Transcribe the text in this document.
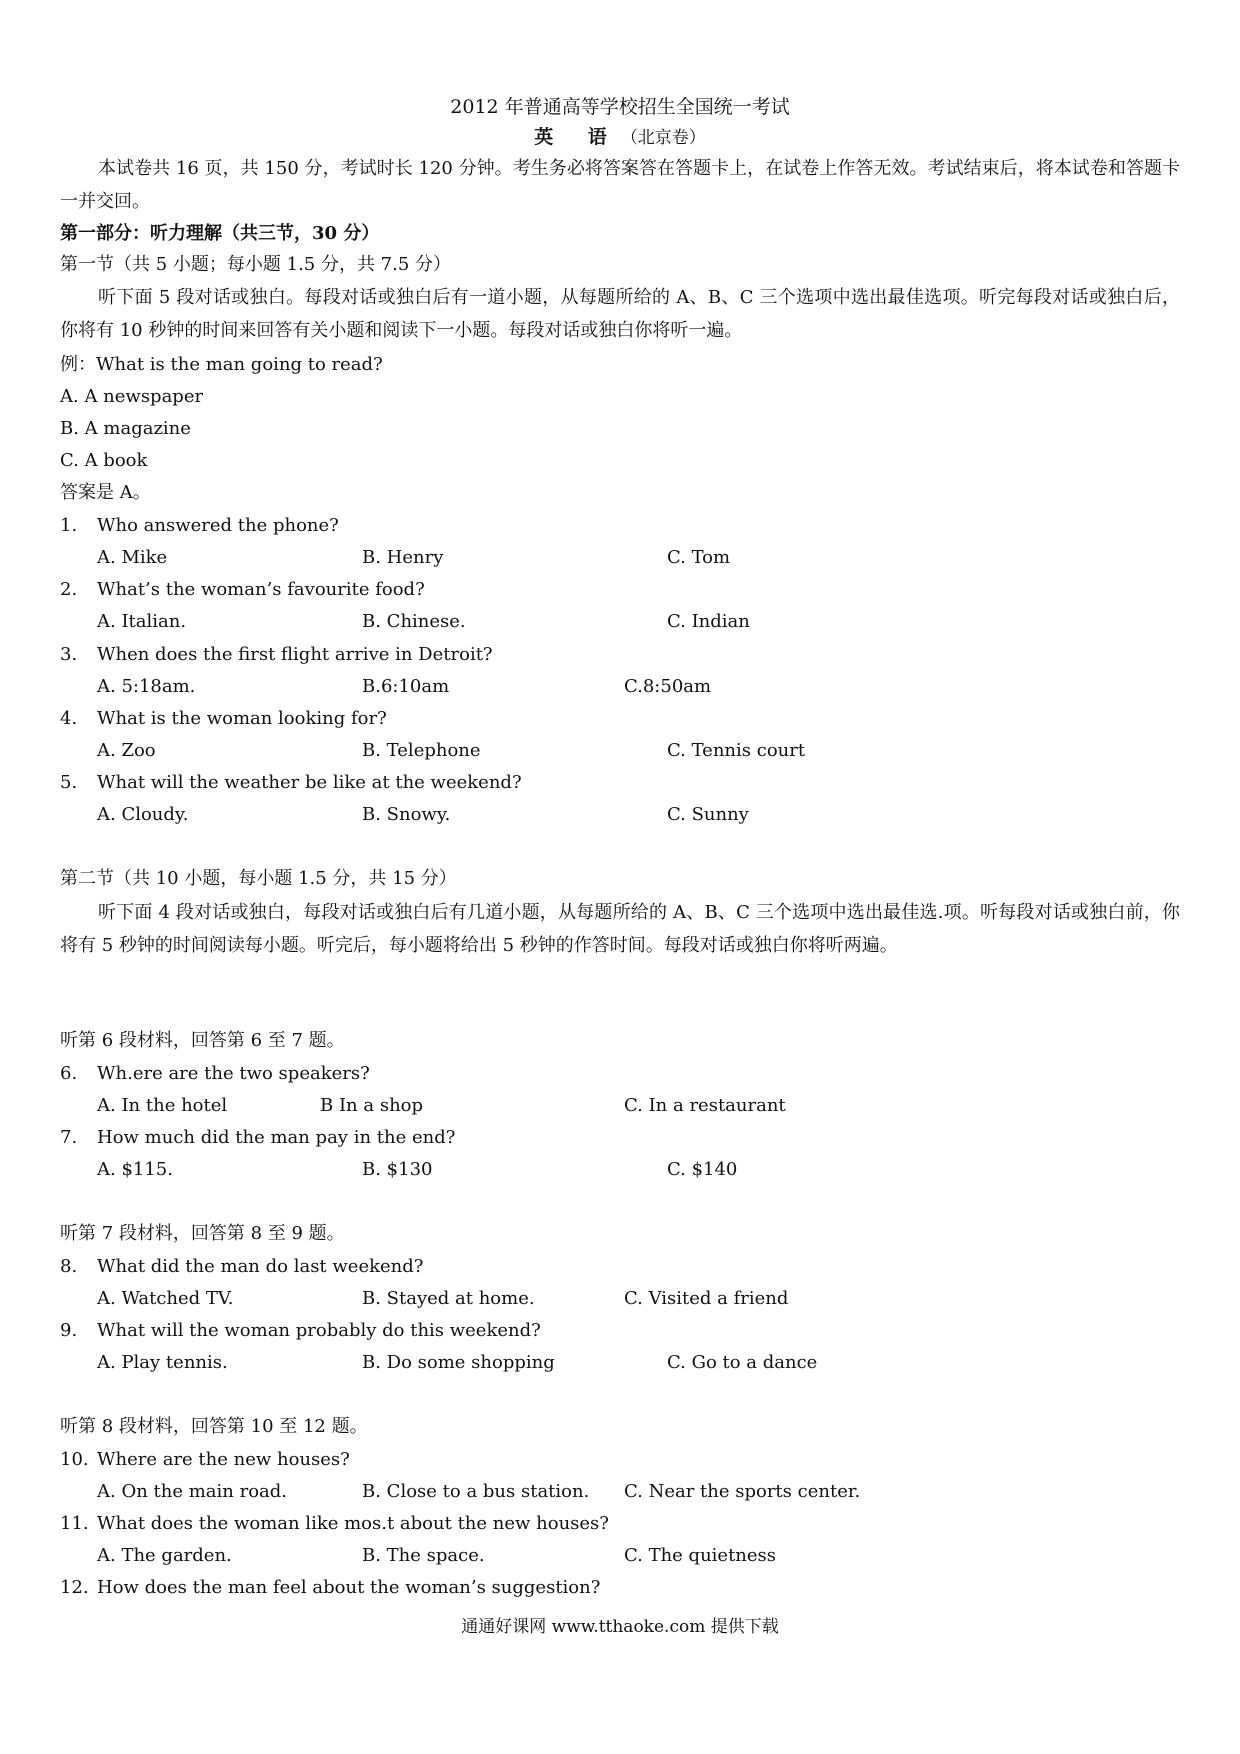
2012 年普通高等学校招生全国统一考试
英 语（北京卷）
本试卷共 16 页，共 150 分，考试时长 120 分钟。考生务必将答案答在答题卡上，在试卷上作答无效。考试结束后，将本试卷和答题卡一并交回。
第一部分：听力理解（共三节，30 分）
第一节（共 5 小题；每小题 1.5 分，共 7.5 分）
听下面 5 段对话或独白。每段对话或独白后有一道小题，从每题所给的 A、B、C 三个选项中选出最佳选项。听完每段对话或独白后，你将有 10 秒钟的时间来回答有关小题和阅读下一小题。每段对话或独白你将听一遍。
例：What is the man going to read?
A. A newspaper
B. A magazine
C. A book
答案是 A。
1. Who answered the phone?
A. Mike	B. Henry	C. Tom
2. What’s the woman’s favourite food?
A. Italian.	B. Chinese.	C. Indian
3. When does the first flight arrive in Detroit?
A. 5:18am.	B.6:10am	C.8:50am
4. What is the woman looking for?
A. Zoo	B. Telephone	C. Tennis court
5. What will the weather be like at the weekend?
A. Cloudy.	B. Snowy.	C. Sunny
第二节（共 10 小题，每小题 1.5 分，共 15 分）
听下面 4 段对话或独白，每段对话或独白后有几道小题，从每题所给的 A、B、C 三个选项中选出最佳选.项。听每段对话或独白前，你将有 5 秒钟的时间阅读每小题。听完后，每小题将给出 5 秒钟的作答时间。每段对话或独白你将听两遍。
听第 6 段材料，回答第 6 至 7 题。
6. Wh.ere are the two speakers?
A. In the hotel	B In a shop	C. In a restaurant
7. How much did the man pay in the end?
A. $115.	B. $130	C. $140
听第 7 段材料，回答第 8 至 9 题。
8. What did the man do last weekend?
A. Watched TV.	B. Stayed at home.	C. Visited a friend
9. What will the woman probably do this weekend?
A. Play tennis.	B. Do some shopping	C. Go to a dance
听第 8 段材料，回答第 10 至 12 题。
10. Where are the new houses?
A. On the main road.	B. Close to a bus station. C. Near the sports center.
11. What does the woman like mos.t about the new houses?
A. The garden.	B. The space.	C. The quietness
12. How does the man feel about the woman’s suggestion?
通通好课网 www.tthaoke.com 提供下载
